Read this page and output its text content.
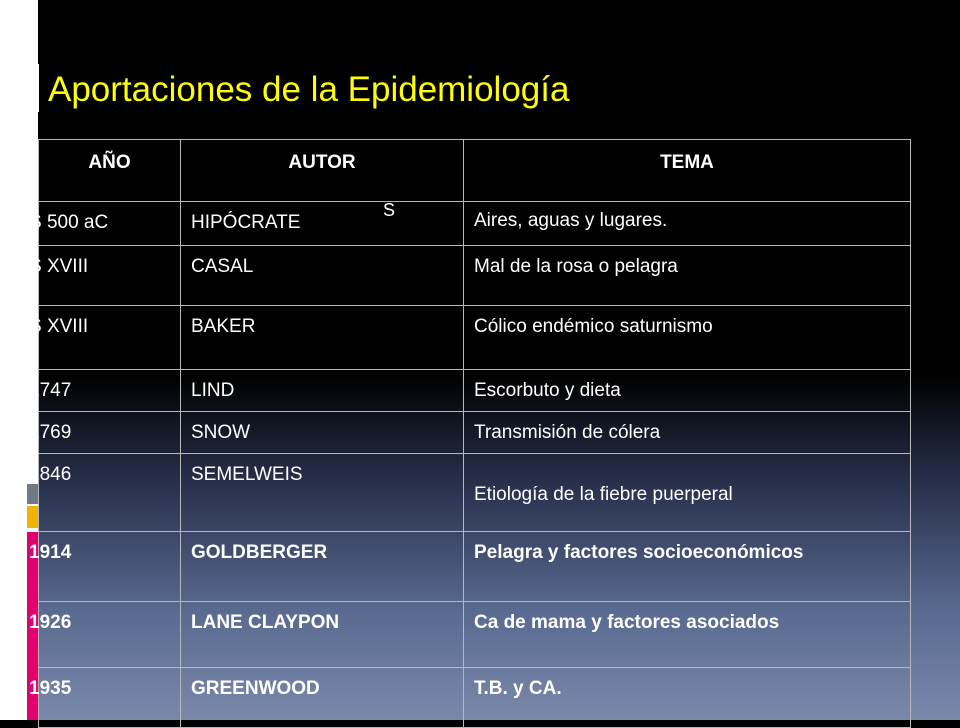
Aportaciones de la Epidemiología
AÑO	AUTOR	TEMA

S 500 aC	HIPÓCRATE	Aires, aguas y lugares.

S XVIII	CASAL	Mal de la rosa o pelagra

S XVIII	BAKER	Cólico endémico saturnismo

1747	LIND	Escorbuto y dieta

1769	SNOW	Transmisión de cólera

1846	SEMELWEIS	Etiología de la fiebre puerperal

1914	GOLDBERGER	Pelagra y factores socioeconómicos

1926	LANE CLAYPON	Ca de mama y factores asociados

1935	GREENWOOD	T.B. y CA.
S
